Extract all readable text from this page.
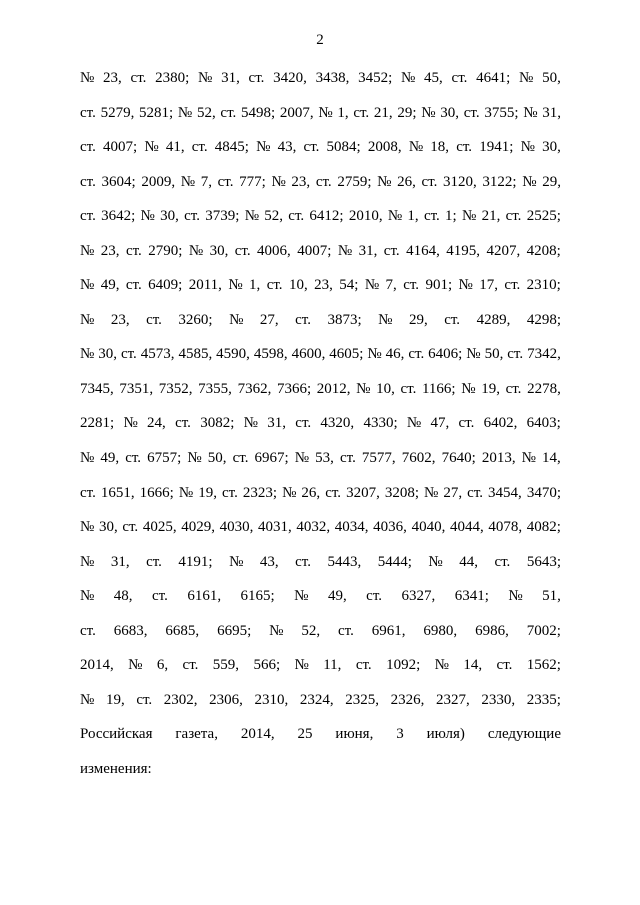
2
№ 23, ст. 2380; № 31, ст. 3420, 3438, 3452; № 45, ст. 4641; № 50,
ст. 5279, 5281; № 52, ст. 5498; 2007, № 1, ст. 21, 29; № 30, ст. 3755; № 31,
ст. 4007; № 41, ст. 4845; № 43, ст. 5084; 2008, № 18, ст. 1941; № 30,
ст. 3604; 2009, № 7, ст. 777; № 23, ст. 2759; № 26, ст. 3120, 3122; № 29,
ст. 3642; № 30, ст. 3739; № 52, ст. 6412; 2010, № 1, ст. 1; № 21, ст. 2525;
№ 23, ст. 2790; № 30, ст. 4006, 4007; № 31, ст. 4164, 4195, 4207, 4208;
№ 49, ст. 6409; 2011, № 1, ст. 10, 23, 54; № 7, ст. 901; № 17, ст. 2310;
№ 23, ст. 3260; № 27, ст. 3873; № 29, ст. 4289, 4298;
№ 30, ст. 4573, 4585, 4590, 4598, 4600, 4605; № 46, ст. 6406; № 50, ст. 7342,
7345, 7351, 7352, 7355, 7362, 7366; 2012, № 10, ст. 1166; № 19, ст. 2278,
2281; № 24, ст. 3082; № 31, ст. 4320, 4330; № 47, ст. 6402, 6403;
№ 49, ст. 6757; № 50, ст. 6967; № 53, ст. 7577, 7602, 7640; 2013, № 14,
ст. 1651, 1666; № 19, ст. 2323; № 26, ст. 3207, 3208; № 27, ст. 3454, 3470;
№ 30, ст. 4025, 4029, 4030, 4031, 4032, 4034, 4036, 4040, 4044, 4078, 4082;
№ 31, ст. 4191; № 43, ст. 5443, 5444; № 44, ст. 5643;
№ 48, ст. 6161, 6165; № 49, ст. 6327, 6341; № 51,
ст. 6683, 6685, 6695; № 52, ст. 6961, 6980, 6986, 7002;
2014, № 6, ст. 559, 566; № 11, ст. 1092; № 14, ст. 1562;
№ 19, ст. 2302, 2306, 2310, 2324, 2325, 2326, 2327, 2330, 2335;
Российская газета, 2014, 25 июня, 3 июля) следующие
изменения:
